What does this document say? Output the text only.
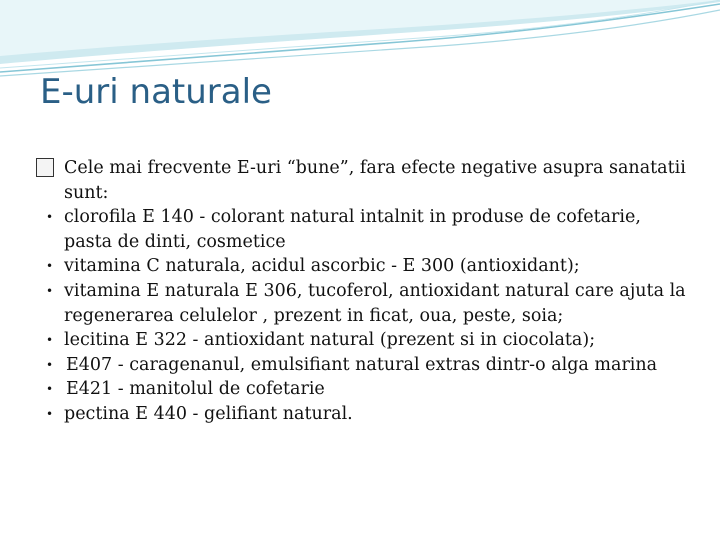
E-uri naturale
?	Cele mai frecvente E-uri “bune”, fara efecte negative asupra sanatatii sunt:
• clorofila E 140 - colorant natural intalnit in produse de cofetarie, pasta de dinti, cosmetice
• vitamina C naturala, acidul ascorbic - E 300 (antioxidant);
• vitamina E naturala E 306, tucoferol, antioxidant natural care ajuta la regenerarea celulelor , prezent in ficat, oua, peste, soia;
• lecitina E 322 - antioxidant natural (prezent si in ciocolata);
• E407 - caragenanul, emulsifiant natural extras dintr-o alga marina
• E421 - manitolul de cofetarie
• pectina E 440 - gelifiant natural.
